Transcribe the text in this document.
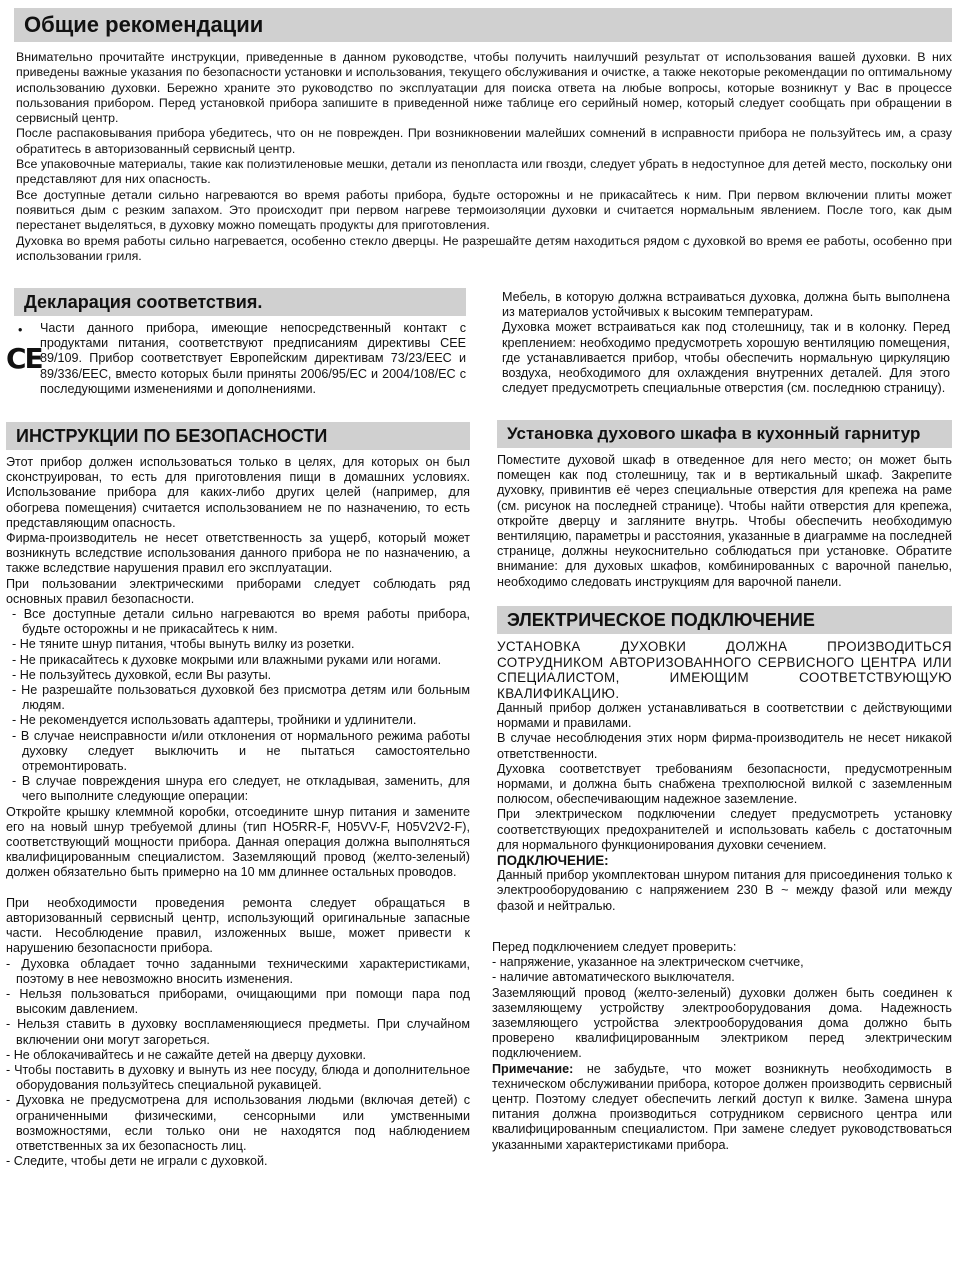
Общие рекомендации

Внимательно прочитайте инструкции, приведенные в данном руководстве, чтобы получить наилучший результат от использования вашей духовки. В них приведены важные указания по безопасности установки и использования, текущего обслуживания и очистке, а также некоторые рекомендации по оптимальному использованию духовки. Бережно храните это руководство по эксплуатации для поиска ответа на любые вопросы, которые возникнут у Вас в процессе пользования прибором. Перед установкой прибора запишите в приведенной ниже таблице его серийный номер, который следует сообщать при обращении в сервисный центр.

После распаковывания прибора убедитесь, что он не поврежден. При возникновении малейших сомнений в исправности прибора не пользуйтесь им, а сразу обратитесь в авторизованный сервисный центр.

Все упаковочные материалы, такие как полиэтиленовые мешки, детали из пенопласта или гвозди, следует убрать в недоступное для детей место, поскольку они представляют для них опасность.

Все доступные детали сильно нагреваются во время работы прибора, будьте осторожны и не прикасайтесь к ним. При первом включении плиты может появиться дым с резким запахом. Это происходит при первом нагреве термоизоляции духовки и считается нормальным явлением. После того, как дым перестанет выделяться, в духовку можно помещать продукты для приготовления.

Духовка во время работы сильно нагревается, особенно стекло дверцы. Не разрешайте детям находиться рядом с духовкой во время ее работы, особенно при использовании гриля.

Декларация соответствия.
•
CE

Части данного прибора, имеющие непосредственный контакт с продуктами питания, соответствуют предписаниям директивы CEE 89/109. Прибор соответствует Европейским директивам 73/23/EEC и 89/336/EEC, вместо которых были приняты 2006/95/EC и 2004/108/EC с последующими изменениями и дополнениями.

Мебель, в которую должна встраиваться духовка, должна быть выполнена из материалов устойчивых к высоким температурам.

Духовка может встраиваться как под столешницу, так и в колонку. Перед креплением: необходимо предусмотреть хорошую вентиляцию помещения, где устанавливается прибор, чтобы обеспечить нормальную циркуляцию воздуха, необходимого для охлаждения внутренних деталей. Для этого следует предусмотреть специальные отверстия (см. последнюю страницу).

ИНСТРУКЦИИ ПО БЕЗОПАСНОСТИ

Этот прибор должен использоваться только в целях, для которых он был сконструирован, то есть для приготовления пищи в домашних условиях. Использование прибора для каких-либо других целей (например, для обогрева помещения) считается использованием не по назначению, то есть представляющим опасность.

Фирма-производитель не несет ответственность за ущерб, который может возникнуть вследствие использования данного прибора не по назначению, а также вследствие нарушения правил его эксплуатации.

При пользовании электрическими приборами следует соблюдать ряд основных правил безопасности.

- Все доступные детали сильно нагреваются во время работы прибора, будьте осторожны и не прикасайтесь к ним.
- Не тяните шнур питания, чтобы вынуть вилку из розетки.
- Не прикасайтесь к духовке мокрыми или влажными руками или ногами.
- Не пользуйтесь духовкой, если Вы разуты.
- Не разрешайте пользоваться духовкой без присмотра детям или больным людям.
- Не рекомендуется использовать адаптеры, тройники и удлинители.
- В случае неисправности и/или отклонения от нормального режима работы духовку следует выключить и не пытаться самостоятельно отремонтировать.
- В случае повреждения шнура его следует, не откладывая, заменить, для чего выполните следующие операции:

Откройте крышку клеммной коробки, отсоедините шнур питания и замените его на новый шнур требуемой длины (тип HO5RR-F, H05VV-F, H05V2V2-F), соответствующий мощности прибора. Данная операция должна выполняться квалифицированным специалистом. Заземляющий провод (желто-зеленый) должен обязательно быть примерно на 10 мм длиннее остальных проводов.

При необходимости проведения ремонта следует обращаться в авторизованный сервисный центр, использующий оригинальные запасные части. Несоблюдение правил, изложенных выше, может привести к нарушению безопасности прибора.

- Духовка обладает точно заданными техническими характеристиками, поэтому в нее невозможно вносить изменения.
- Нельзя пользоваться приборами, очищающими при помощи пара под высоким давлением.
- Нельзя ставить в духовку воспламеняющиеся предметы. При случайном включении они могут загореться.
- Не облокачивайтесь и не сажайте детей на дверцу духовки.
- Чтобы поставить в духовку и вынуть из нее посуду, блюда и дополнительное оборудования пользуйтесь специальной рукавицей.
- Духовка не предусмотрена для использования людьми (включая детей) с ограниченными физическими, сенсорными или умственными возможностями, если только они не находятся под наблюдением ответственных за их безопасность лиц.
- Следите, чтобы дети не играли с духовкой.
Установка духового шкафа в кухонный гарнитур

Поместите духовой шкаф в отведенное для него место; он может быть помещен как под столешницу, так и в вертикальный шкаф. Закрепите духовку, привинтив её через специальные отверстия для крепежа на раме (см. рисунок на последней странице). Чтобы найти отверстия для крепежа, откройте дверцу и загляните внутрь. Чтобы обеспечить необходимую вентиляцию, параметры и расстояния, указанные в диаграмме на последней странице, должны неукоснительно соблюдаться при установке. Обратите внимание: для духовых шкафов, комбинированных с варочной панелью, необходимо следовать инструкциям для варочной панели.

ЭЛЕКТРИЧЕСКОЕ ПОДКЛЮЧЕНИЕ

УСТАНОВКА ДУХОВКИ ДОЛЖНА ПРОИЗВОДИТЬСЯ СОТРУДНИКОМ АВТОРИЗОВАННОГО СЕРВИСНОГО ЦЕНТРА ИЛИ СПЕЦИАЛИСТОМ, ИМЕЮЩИМ СООТВЕТСТВУЮЩУЮ КВАЛИФИКАЦИЮ.

Данный прибор должен устанавливаться в соответствии с действующими нормами и правилами.

В случае несоблюдения этих норм фирма-производитель не несет никакой ответственности.

Духовка соответствует требованиям безопасности, предусмотренным нормами, и должна быть снабжена трехполюсной вилкой с заземленным полюсом, обеспечивающим надежное заземление.

При электрическом подключении следует предусмотреть установку соответствующих предохранителей и использовать кабель с достаточным для нормального функционирования духовки сечением.

ПОДКЛЮЧЕНИЕ:

Данный прибор укомплектован шнуром питания для присоединения только к электрооборудованию с напряжением 230 В ~ между фазой или между фазой и нейтралью.

Перед подключением следует проверить:

- напряжение, указанное на электрическом счетчике,

- наличие автоматического выключателя.

Заземляющий провод (желто-зеленый) духовки должен быть соединен к заземляющему устройству электрооборудования дома. Надежность заземляющего устройства электрооборудования дома должно быть проверено квалифицированным электриком перед электрическим подключением.

Примечание: не забудьте, что может возникнуть необходимость в техническом обслуживании прибора, которое должен производить сервисный центр. Поэтому следует обеспечить легкий доступ к вилке. Замена шнура питания должна производиться сотрудником сервисного центра или квалифицированным специалистом. При замене следует руководствоваться указанными характеристиками прибора.
